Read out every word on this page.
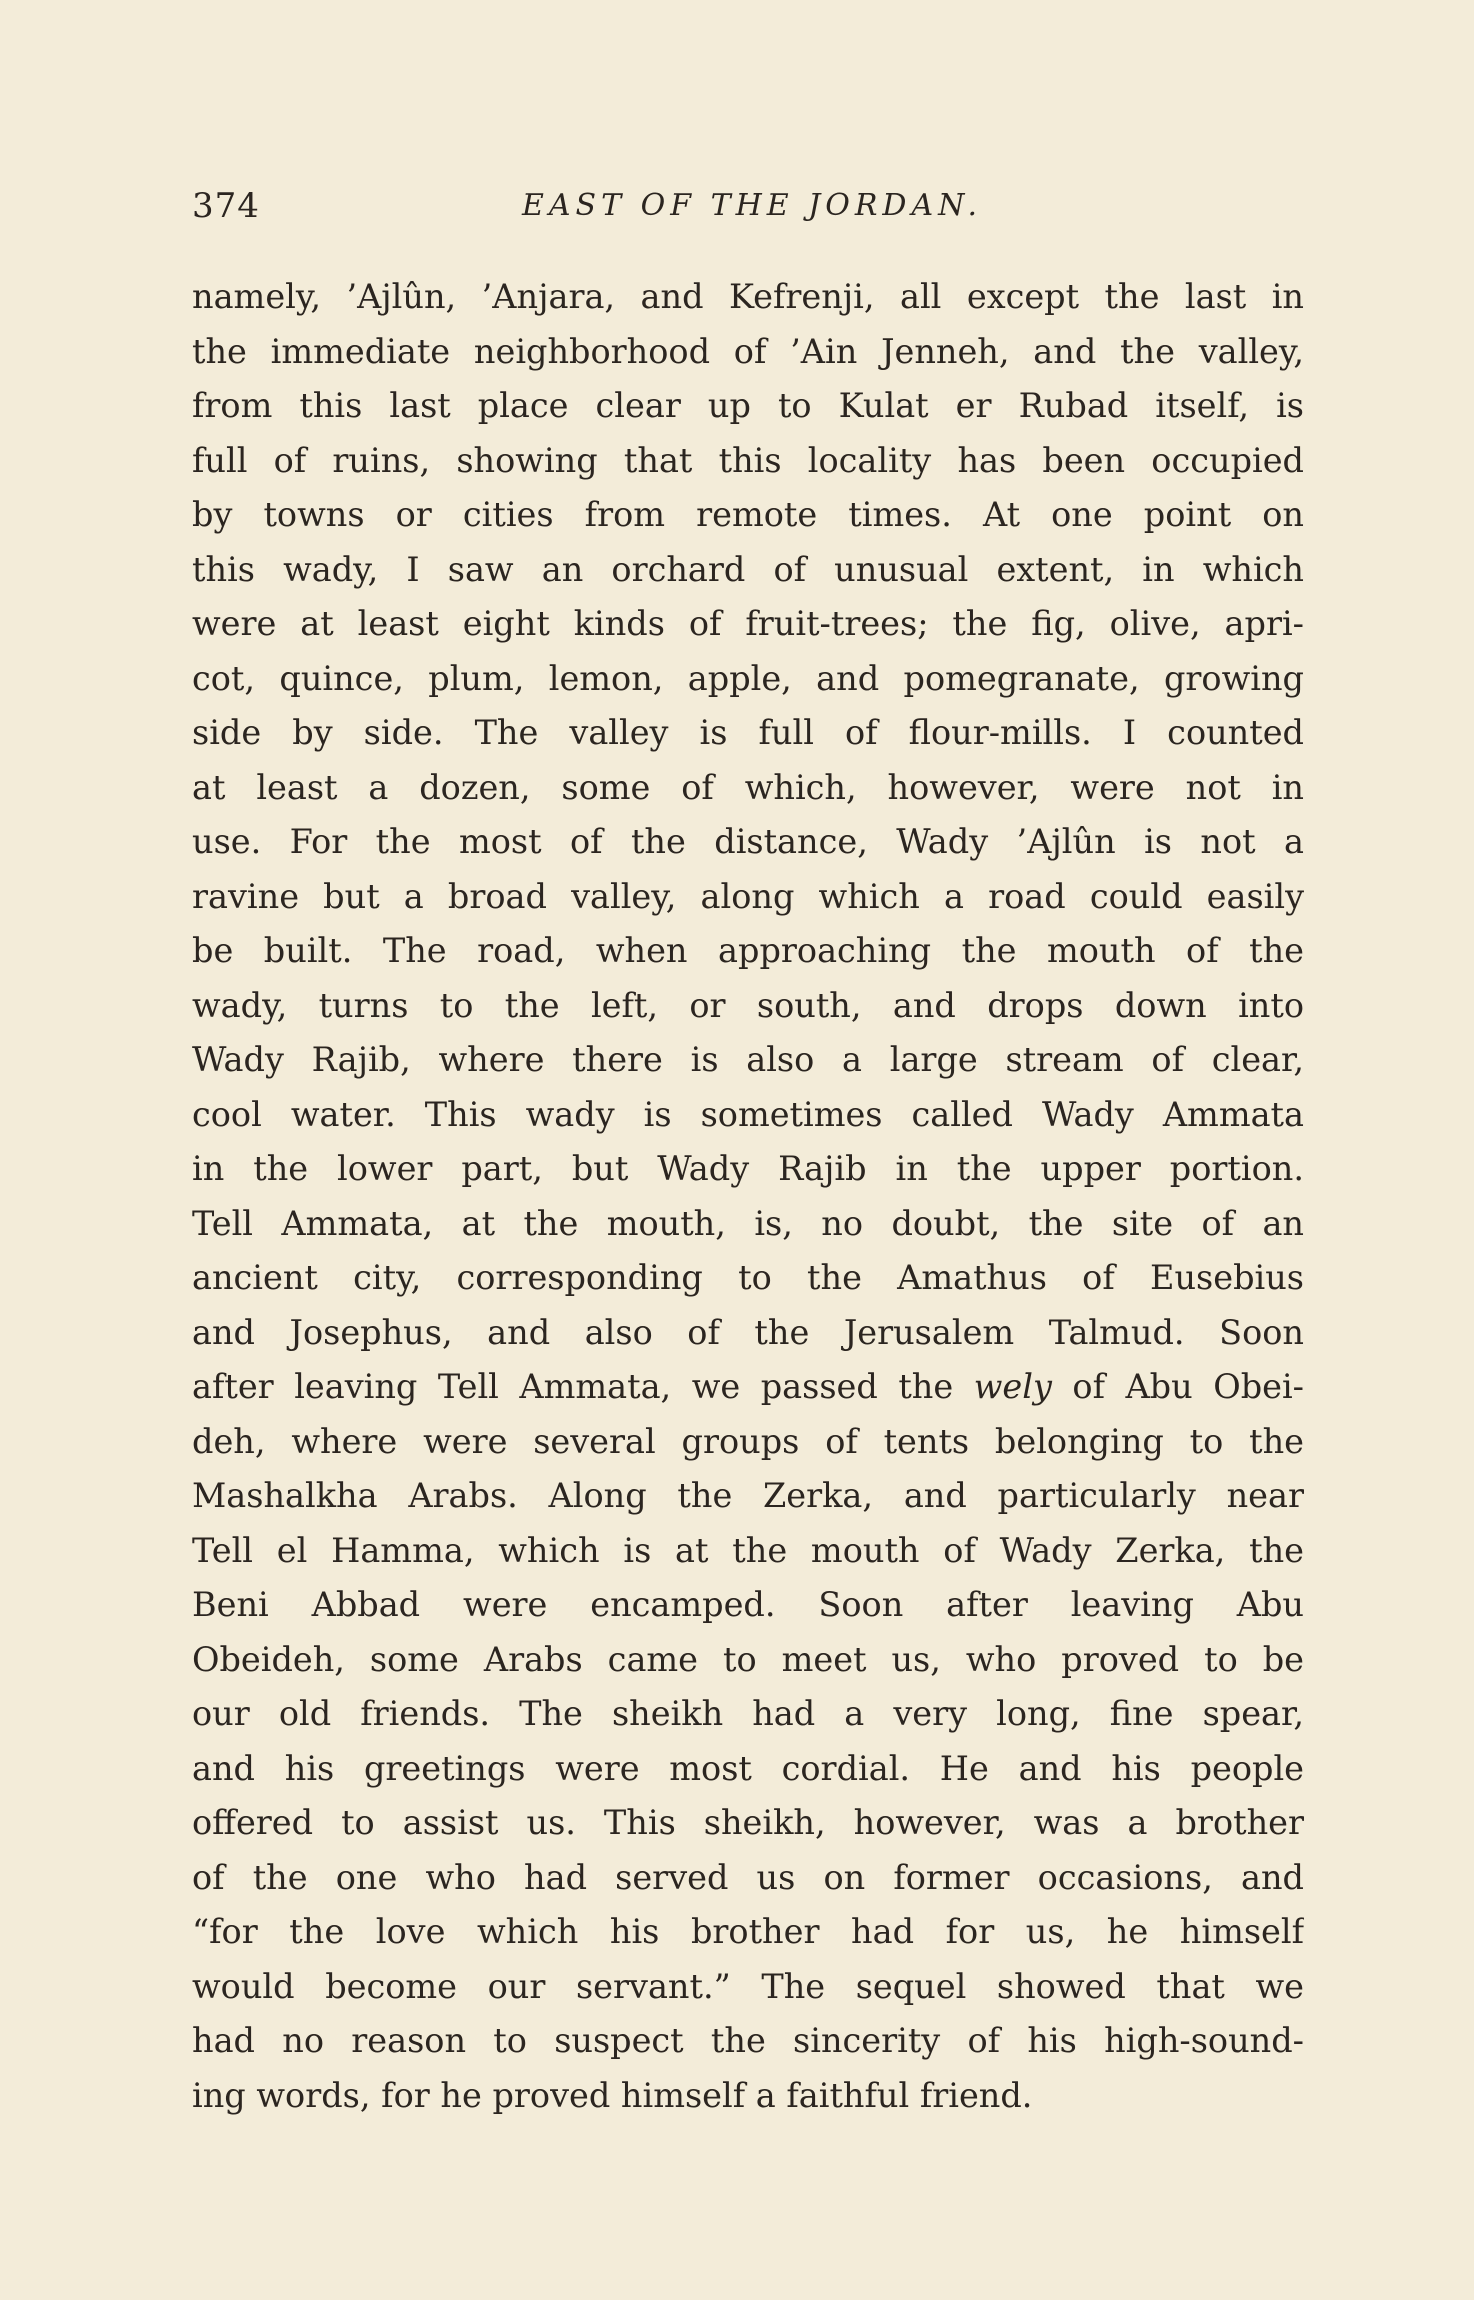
374	EAST OF THE JORDAN.
namely, ’Ajlûn, ’Anjara, and Kefrenji, all except the last in
the immediate neighborhood of ’Ain Jenneh, and the valley,
from this last place clear up to Kulat er Rubad itself, is
full of ruins, showing that this locality has been occupied
by towns or cities from remote times. At one point on
this wady, I saw an orchard of unusual extent, in which
were at least eight kinds of fruit-trees; the fig, olive, apri-
cot, quince, plum, lemon, apple, and pomegranate, growing
side by side. The valley is full of flour-mills. I counted
at least a dozen, some of which, however, were not in
use. For the most of the distance, Wady ’Ajlûn is not a
ravine but a broad valley, along which a road could easily
be built. The road, when approaching the mouth of the
wady, turns to the left, or south, and drops down into
Wady Rajib, where there is also a large stream of clear,
cool water. This wady is sometimes called Wady Ammata
in the lower part, but Wady Rajib in the upper portion.
Tell Ammata, at the mouth, is, no doubt, the site of an
ancient city, corresponding to the Amathus of Eusebius
and Josephus, and also of the Jerusalem Talmud. Soon
after leaving Tell Ammata, we passed the wely of Abu Obei-
deh, where were several groups of tents belonging to the
Mashalkha Arabs. Along the Zerka, and particularly near
Tell el Hamma, which is at the mouth of Wady Zerka, the
Beni Abbad were encamped. Soon after leaving Abu
Obeideh, some Arabs came to meet us, who proved to be
our old friends. The sheikh had a very long, fine spear,
and his greetings were most cordial. He and his people
offered to assist us. This sheikh, however, was a brother
of the one who had served us on former occasions, and
“for the love which his brother had for us, he himself
would become our servant.” The sequel showed that we
had no reason to suspect the sincerity of his high-sound-
ing words, for he proved himself a faithful friend.
